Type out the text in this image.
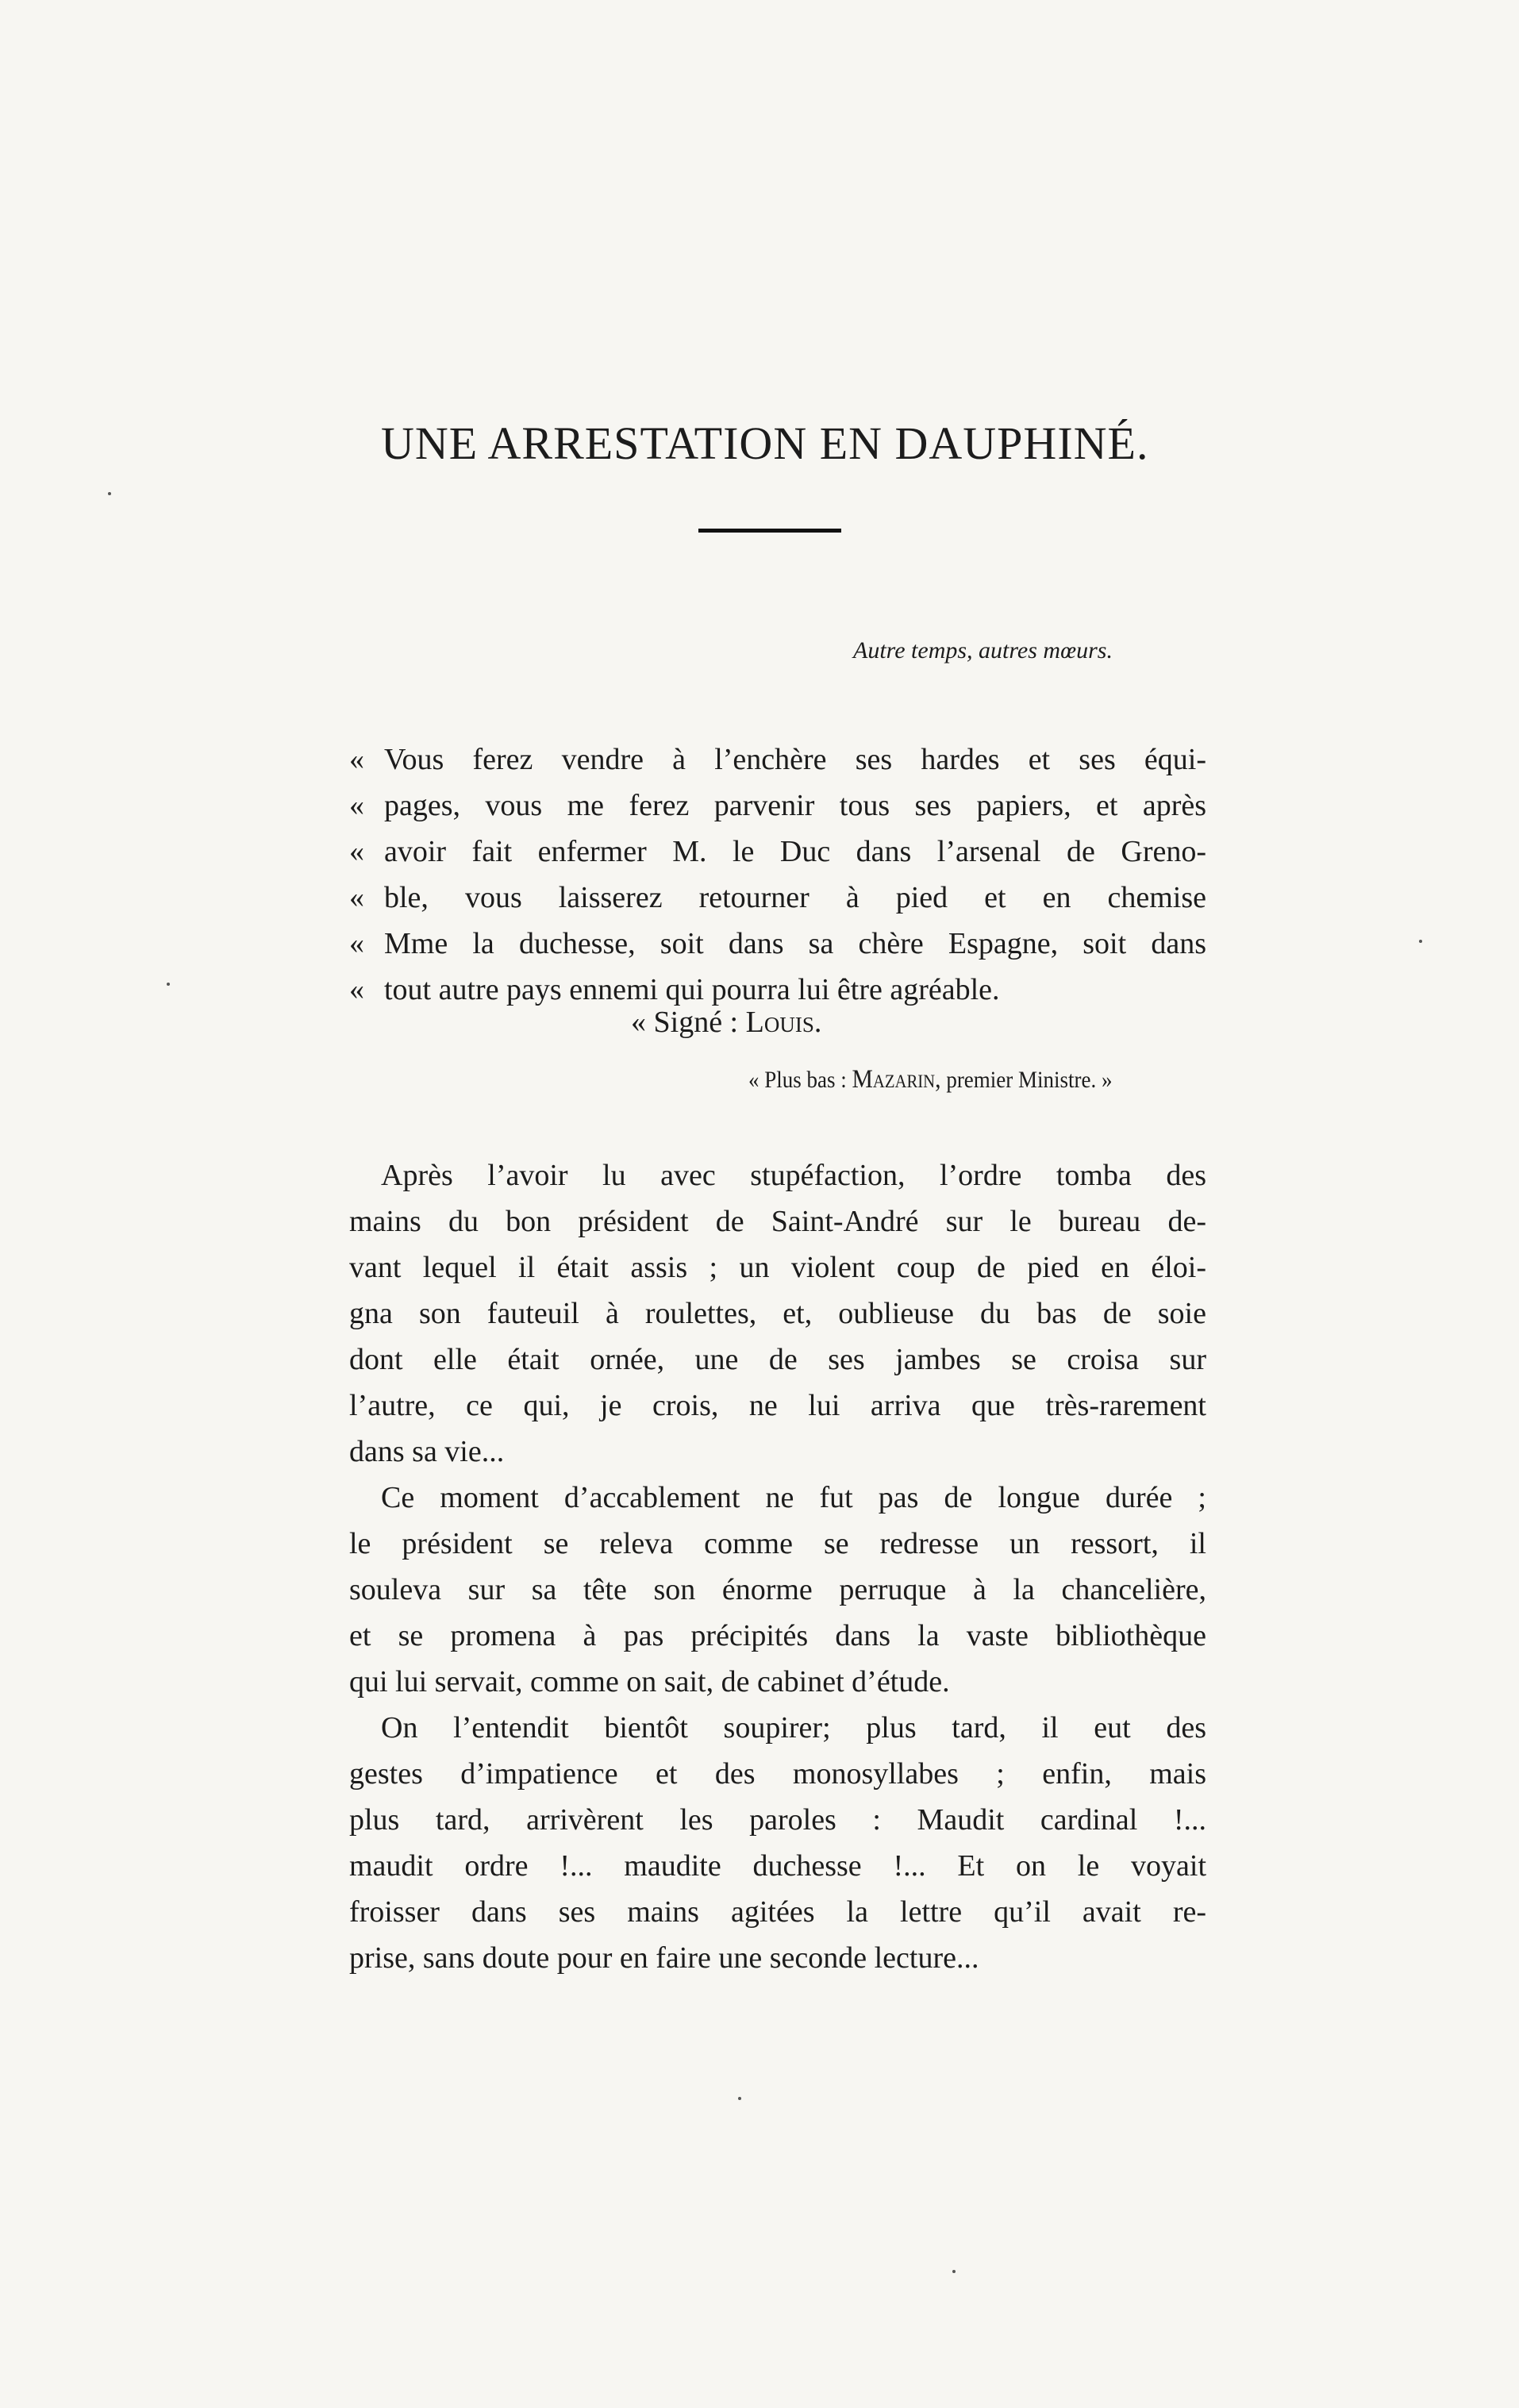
UNE ARRESTATION EN DAUPHINÉ.
Autre temps, autres mœurs.
« Vous ferez vendre à l’enchère ses hardes et ses équi-
« pages, vous me ferez parvenir tous ses papiers, et après
« avoir fait enfermer M. le Duc dans l’arsenal de Greno-
« ble, vous laisserez retourner à pied et en chemise
« Mme la duchesse, soit dans sa chère Espagne, soit dans
« tout autre pays ennemi qui pourra lui être agréable.
« Signé : Louis.
« Plus bas : Mazarin, premier Ministre. »
Après l’avoir lu avec stupéfaction, l’ordre tomba des
mains du bon président de Saint-André sur le bureau de-
vant lequel il était assis ; un violent coup de pied en éloi-
gna son fauteuil à roulettes, et, oublieuse du bas de soie
dont elle était ornée, une de ses jambes se croisa sur
l’autre, ce qui, je crois, ne lui arriva que très-rarement
dans sa vie...
Ce moment d’accablement ne fut pas de longue durée ;
le président se releva comme se redresse un ressort, il
souleva sur sa tête son énorme perruque à la chancelière,
et se promena à pas précipités dans la vaste bibliothèque
qui lui servait, comme on sait, de cabinet d’étude.
On l’entendit bientôt soupirer; plus tard, il eut des
gestes d’impatience et des monosyllabes ; enfin, mais
plus tard, arrivèrent les paroles : Maudit cardinal !...
maudit ordre !... maudite duchesse !... Et on le voyait
froisser dans ses mains agitées la lettre qu’il avait re-
prise, sans doute pour en faire une seconde lecture...
